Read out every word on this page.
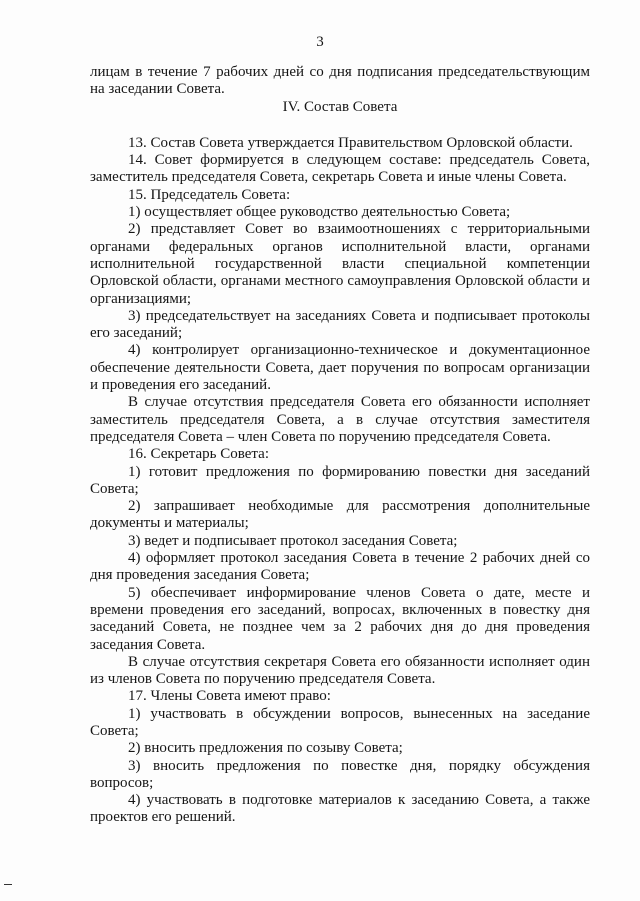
3

лицам в течение 7 рабочих дней со дня подписания председательствующим на заседании Совета.

IV. Состав Совета

13. Состав Совета утверждается Правительством Орловской области.

14. Совет формируется в следующем составе: председатель Совета, заместитель председателя Совета, секретарь Совета и иные члены Совета.

15. Председатель Совета:

1) осуществляет общее руководство деятельностью Совета;

2) представляет Совет во взаимоотношениях с территориальными органами федеральных органов исполнительной власти, органами исполнительной государственной власти специальной компетенции Орловской области, органами местного самоуправления Орловской области и организациями;

3) председательствует на заседаниях Совета и подписывает протоколы его заседаний;

4) контролирует организационно-техническое и документационное обеспечение деятельности Совета, дает поручения по вопросам организации и проведения его заседаний.

В случае отсутствия председателя Совета его обязанности исполняет заместитель председателя Совета, а в случае отсутствия заместителя председателя Совета – член Совета по поручению председателя Совета.

16. Секретарь Совета:

1) готовит предложения по формированию повестки дня заседаний Совета;

2) запрашивает необходимые для рассмотрения дополнительные документы и материалы;

3) ведет и подписывает протокол заседания Совета;

4) оформляет протокол заседания Совета в течение 2 рабочих дней со дня проведения заседания Совета;

5) обеспечивает информирование членов Совета о дате, месте и времени проведения его заседаний, вопросах, включенных в повестку дня заседаний Совета, не позднее чем за 2 рабочих дня до дня проведения заседания Совета.

В случае отсутствия секретаря Совета его обязанности исполняет один из членов Совета по поручению председателя Совета.

17. Члены Совета имеют право:

1) участвовать в обсуждении вопросов, вынесенных на заседание Совета;

2) вносить предложения по созыву Совета;

3) вносить предложения по повестке дня, порядку обсуждения вопросов;

4) участвовать в подготовке материалов к заседанию Совета, а также проектов его решений.
